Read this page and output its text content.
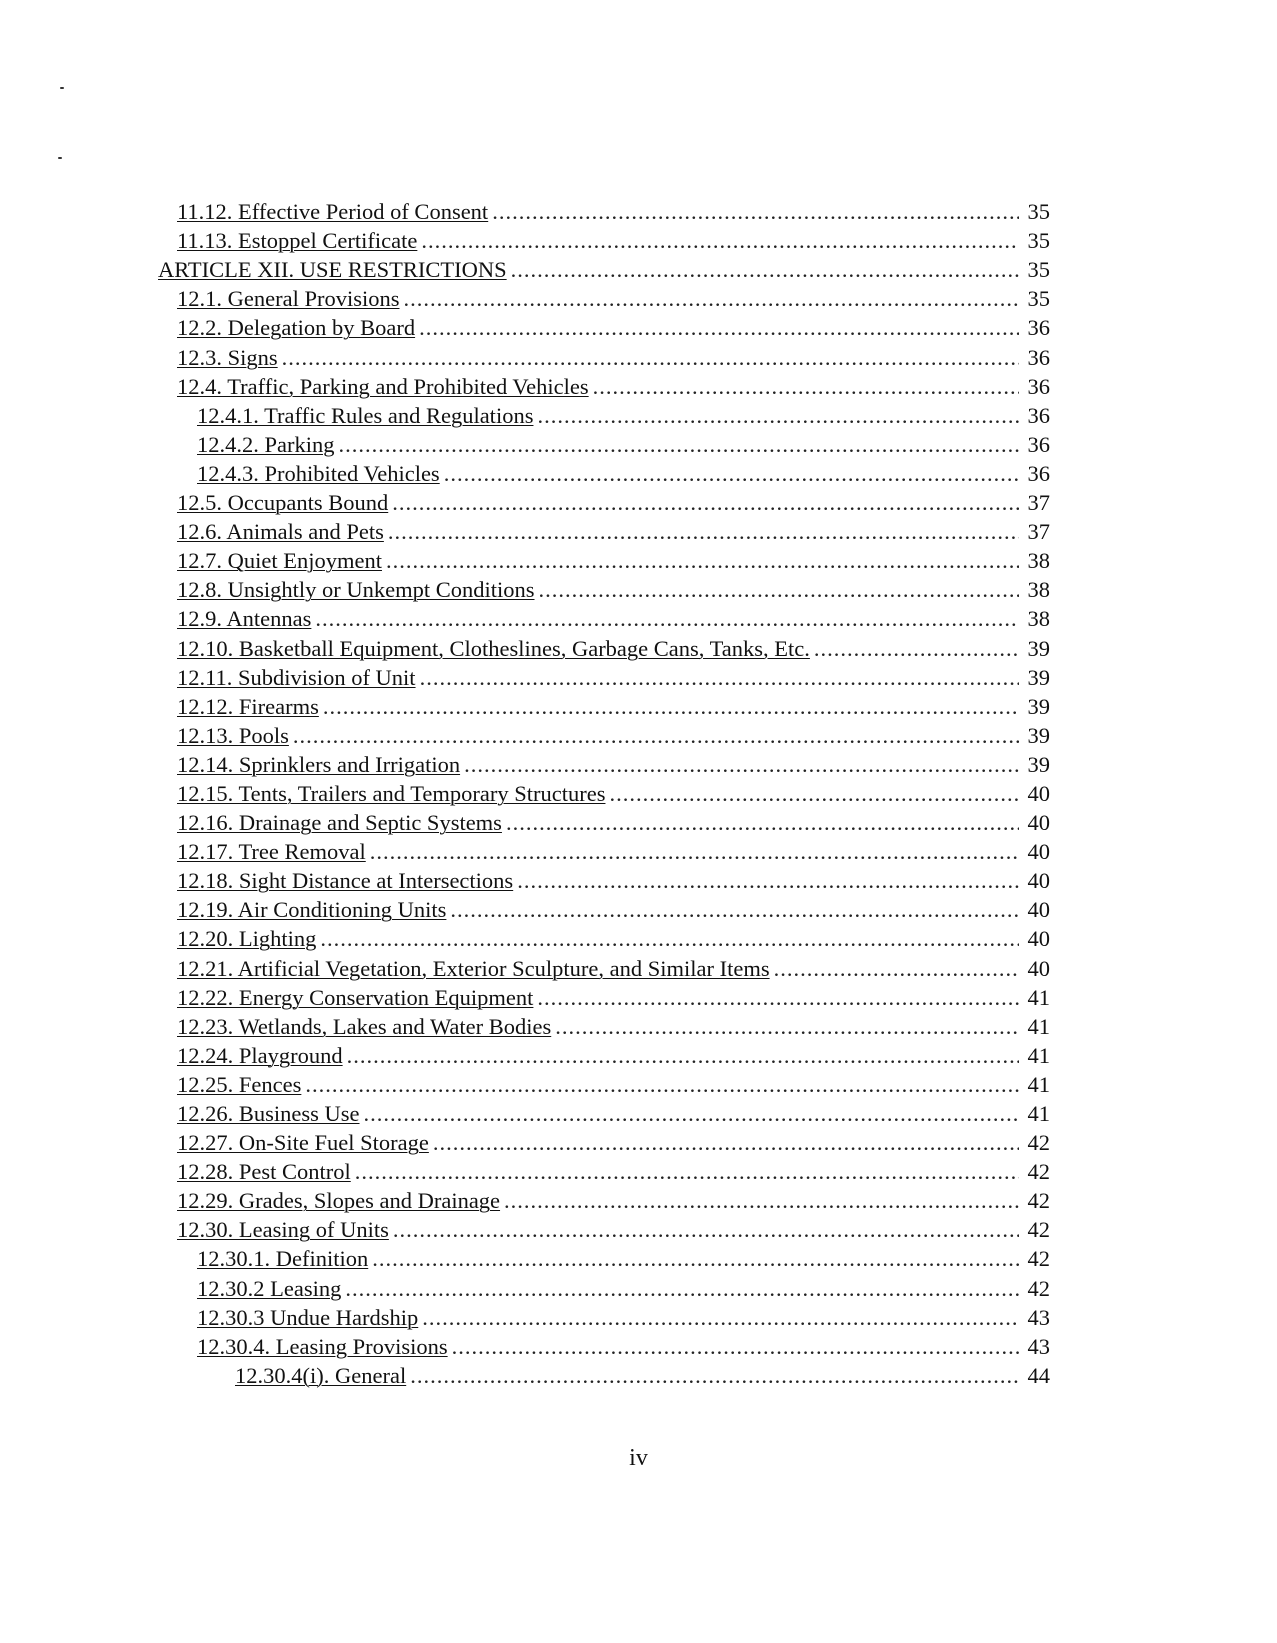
11.12. Effective Period of Consent .....	35
11.13. Estoppel Certificate .....	35
ARTICLE XII. USE RESTRICTIONS .....	35
12.1. General Provisions .....	35
12.2. Delegation by Board .....	36
12.3. Signs .....	36
12.4. Traffic, Parking and Prohibited Vehicles .....	36
12.4.1. Traffic Rules and Regulations .....	36
12.4.2. Parking .....	36
12.4.3. Prohibited Vehicles .....	36
12.5. Occupants Bound .....	37
12.6. Animals and Pets .....	37
12.7. Quiet Enjoyment .....	38
12.8. Unsightly or Unkempt Conditions .....	38
12.9. Antennas .....	38
12.10. Basketball Equipment, Clotheslines, Garbage Cans, Tanks, Etc. .....	39
12.11. Subdivision of Unit .....	39
12.12. Firearms .....	39
12.13. Pools .....	39
12.14. Sprinklers and Irrigation .....	39
12.15. Tents, Trailers and Temporary Structures .....	40
12.16. Drainage and Septic Systems .....	40
12.17. Tree Removal .....	40
12.18. Sight Distance at Intersections .....	40
12.19. Air Conditioning Units .....	40
12.20. Lighting .....	40
12.21. Artificial Vegetation, Exterior Sculpture, and Similar Items .....	40
12.22. Energy Conservation Equipment .....	41
12.23. Wetlands, Lakes and Water Bodies .....	41
12.24. Playground .....	41
12.25. Fences .....	41
12.26. Business Use .....	41
12.27. On-Site Fuel Storage .....	42
12.28. Pest Control .....	42
12.29. Grades, Slopes and Drainage .....	42
12.30. Leasing of Units .....	42
12.30.1. Definition .....	42
12.30.2 Leasing .....	42
12.30.3 Undue Hardship .....	43
12.30.4. Leasing Provisions .....	43
12.30.4(i). General .....	44
iv
